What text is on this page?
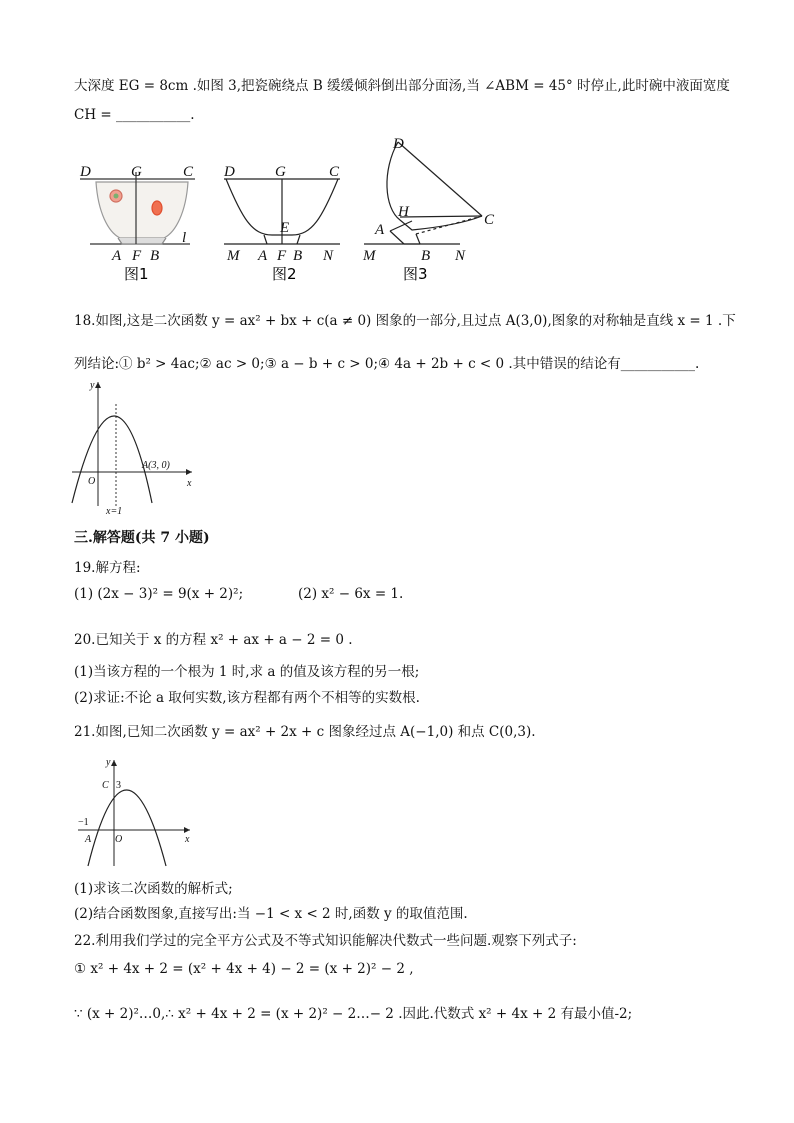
大深度 EG = 8cm .如图 3,把瓷碗绕点 B 缓缓倾斜倒出部分面汤,当 ∠ABM = 45° 时停止,此时碗中液面宽度
CH = ___________.
D	G	C
A F B
l
图1
D	G	C
E
M A F B N
图2
D
H
A
C
M	B N
图3
18.如图,这是二次函数 y = ax² + bx + c(a ≠ 0) 图象的一部分,且过点 A(3,0),图象的对称轴是直线 x = 1 .下
列结论:① b² > 4ac;② ac > 0;③ a − b + c > 0;④ 4a + 2b + c < 0 .其中错误的结论有___________.
y
x
O
A(3, 0)
x=1
三.解答题(共 7 小题)
19.解方程:
(1) (2x − 3)² = 9(x + 2)²;	(2) x² − 6x = 1.
20.已知关于 x 的方程 x² + ax + a − 2 = 0 .
(1)当该方程的一个根为 1 时,求 a 的值及该方程的另一根;
(2)求证:不论 a 取何实数,该方程都有两个不相等的实数根.
21.如图,已知二次函数 y = ax² + 2x + c 图象经过点 A(−1,0) 和点 C(0,3).
y
x
O
C
A
3
−1
(1)求该二次函数的解析式;
(2)结合函数图象,直接写出:当 −1 < x < 2 时,函数 y 的取值范围.
22.利用我们学过的完全平方公式及不等式知识能解决代数式一些问题.观察下列式子:
① x² + 4x + 2 = (x² + 4x + 4) − 2 = (x + 2)² − 2 ,
∵ (x + 2)²…0,∴ x² + 4x + 2 = (x + 2)² − 2…− 2 .因此.代数式 x² + 4x + 2 有最小值-2;
